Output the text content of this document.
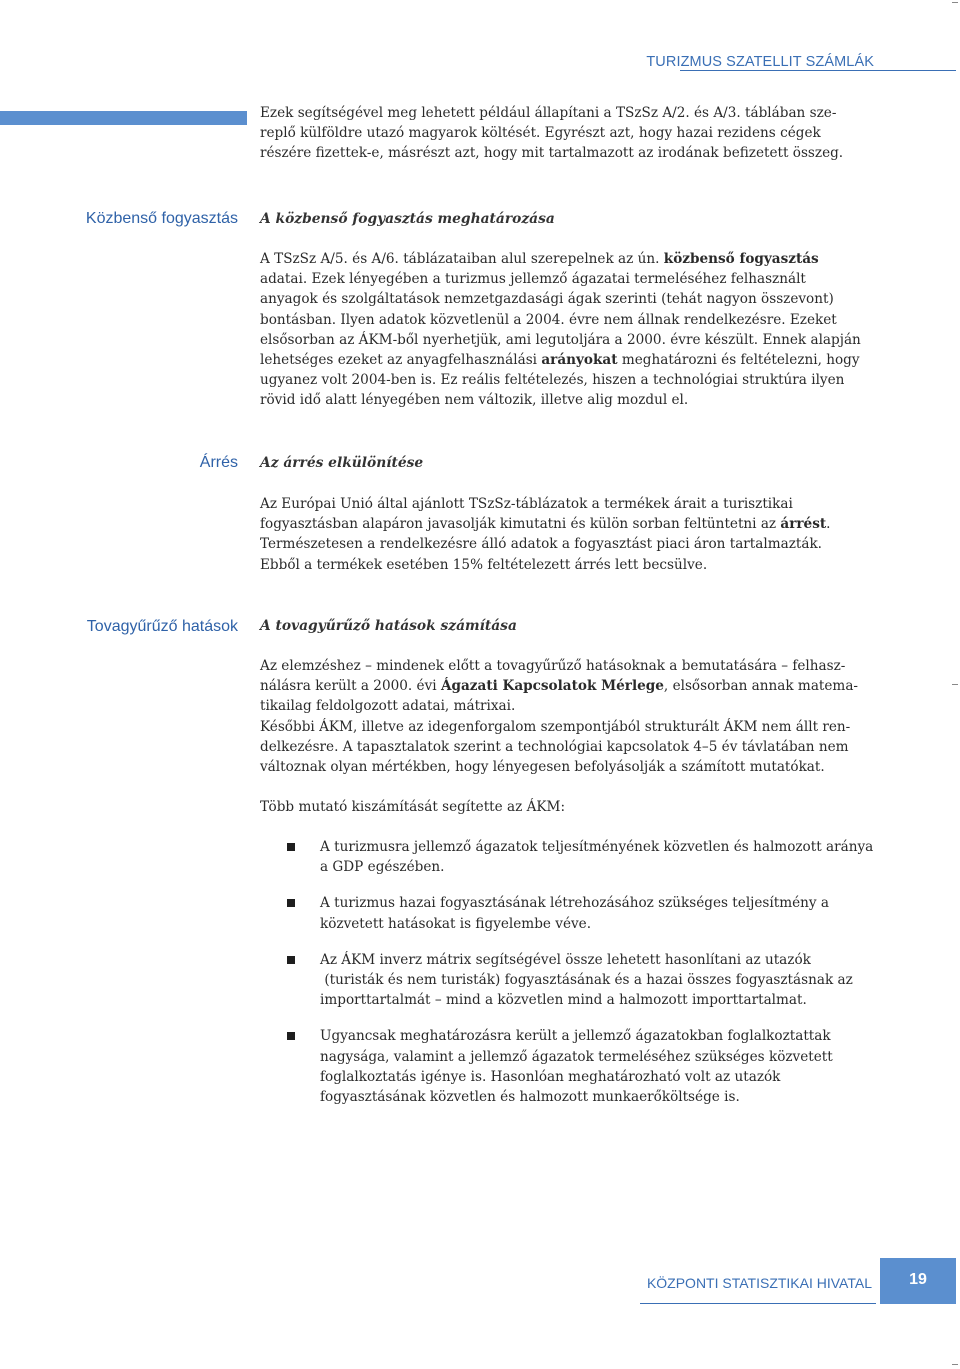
TURIZMUS SZATELLIT SZÁMLÁK
Ezek segítségével meg lehetett például állapítani a TSzSz A/2. és A/3. táblában sze-
replő külföldre utazó magyarok költését. Egyrészt azt, hogy hazai rezidens cégek
részére fizettek-e, másrészt azt, hogy mit tartalmazott az irodának befizetett összeg.
Közbenső fogyasztás A közbenső fogyasztás meghatározása
A TSzSz A/5. és A/6. táblázataiban alul szerepelnek az ún. közbenső fogyasztás
adatai. Ezek lényegében a turizmus jellemző ágazatai termeléséhez felhasznált
anyagok és szolgáltatások nemzetgazdasági ágak szerinti (tehát nagyon összevont)
bontásban. Ilyen adatok közvetlenül a 2004. évre nem állnak rendelkezésre. Ezeket
elsősorban az ÁKM-ből nyerhetjük, ami legutoljára a 2000. évre készült. Ennek alapján
lehetséges ezeket az anyagfelhasználási arányokat meghatározni és feltételezni, hogy
ugyanez volt 2004-ben is. Ez reális feltételezés, hiszen a technológiai struktúra ilyen
rövid idő alatt lényegében nem változik, illetve alig mozdul el.
Árrés Az árrés elkülönítése
Az Európai Unió által ajánlott TSzSz-táblázatok a termékek árait a turisztikai
fogyasztásban alapáron javasolják kimutatni és külön sorban feltüntetni az árrést.
Természetesen a rendelkezésre álló adatok a fogyasztást piaci áron tartalmazták.
Ebből a termékek esetében 15% feltételezett árrés lett becsülve.
Tovagyűrűző hatások A tovagyűrűző hatások számítása
Az elemzéshez – mindenek előtt a tovagyűrűző hatásoknak a bemutatására – felhasz-
nálásra került a 2000. évi Ágazati Kapcsolatok Mérlege, elsősorban annak matema-
tikailag feldolgozott adatai, mátrixai.
Későbbi ÁKM, illetve az idegenforgalom szempontjából strukturált ÁKM nem állt ren-
delkezésre. A tapasztalatok szerint a technológiai kapcsolatok 4–5 év távlatában nem
változnak olyan mértékben, hogy lényegesen befolyásolják a számított mutatókat.
Több mutató kiszámítását segítette az ÁKM:
A turizmusra jellemző ágazatok teljesítményének közvetlen és halmozott aránya a GDP egészében.
A turizmus hazai fogyasztásának létrehozásához szükséges teljesítmény a közvetett hatásokat is figyelembe véve.
Az ÁKM inverz mátrix segítségével össze lehetett hasonlítani az utazók  (turisták és nem turisták) fogyasztásának és a hazai összes fogyasztásnak az importtartalmát – mind a közvetlen mind a halmozott importtartalmat.
Ugyancsak meghatározásra került a jellemző ágazatokban foglalkoztattak nagysága, valamint a jellemző ágazatok termeléséhez szükséges közvetett foglalkoztatás igénye is. Hasonlóan meghatározható volt az utazók fogyasztásának közvetlen és halmozott munkaerőköltsége is.
KÖZPONTI STATISZTIKAI HIVATAL	19
